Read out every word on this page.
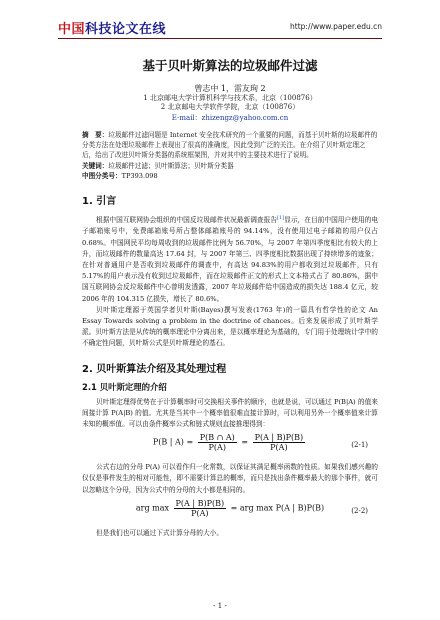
中国科技论文在线	http://www.paper.edu.cn
基于贝叶斯算法的垃圾邮件过滤
曾志中 1，雷友珣 2
1 北京邮电大学计算机科学与技术系，北京（100876）
2 北京邮电大学软件学院，北京（100876）
E-mail：zhizengz@yahoo.com.cn
摘　要：垃圾邮件过滤问题是 Internet 安全技术研究的一个重要的问题，而基于贝叶斯的垃圾邮件的分类方法在处理垃圾邮件上表现出了很高的准确度，因此受到广泛的关注。在介绍了贝叶斯定理之后，给出了改进贝叶斯分类器的系统框架图，并对其中的主要技术进行了说明。
关键词：垃圾邮件过滤；贝叶斯算法；贝叶斯分类器
中图分类号：TP393.098
1. 引言

根据中国互联网协会组织的中国反垃圾邮件状况最新调查报告[1]显示，在目前中国用户使用的电子邮箱账号中，免费邮箱账号所占整体邮箱账号的 94.14%，没有使用过电子邮箱的用户仅占 0.68%。中国网民平均每周收到的垃圾邮件比例为 56.70%，与 2007 年第四季度相比有较大的上升，而垃圾邮件的数量高达 17.64 封，与 2007 年第三、四季度相比数据出现了持续增多的迹象；在针对普通用户是否收到垃圾邮件的调查中，有高达 94.83%的用户都收到过垃圾邮件，只有 5.17%的用户表示没有收到过垃圾邮件，而在垃圾邮件正文的形式上文本格式占了 80.86%，据中国互联网协会反垃圾邮件中心曾明发透露，2007 年垃圾邮件给中国造成的损失达 188.4 亿元，较 2006 年的 104.315 亿损失，增长了 80.6%。

贝叶斯定理源于英国学者贝叶斯(Bayes)撰写发表(1763 年)的一篇具有哲学性的论文 An Essay Towards solving a problem in the doctrine of chances。后来发展形成了贝叶斯学派。贝叶斯方法是从传统的概率理论中分离出来，是以概率理论为基础的，专门用于处理统计学中的不确定性问题，贝叶斯公式是贝叶斯理论的基石。

2. 贝叶斯算法介绍及其处理过程
2.1 贝叶斯定理的介绍

贝叶斯定理得优势在于计算概率时可交换相关事件的顺序，也就是说，可以通过 P(B|A) 的值来间接计算 P(A|B) 的值。尤其是当其中一个概率值很难直接计算时，可以利用另外一个概率值来计算未知的概率值。可以由条件概率公式和链式规则直接推理得到：

P(B | $A) = \frac{P(B \cap A)}{P(A)} = \frac{P(A | B)P(B)}{P(A)}$	(2-1)

公式右边的分母 P(A) 可以看作归一化常数，以保证其满足概率函数的性质。如果我们感兴趣的仅仅是事件发生的相对可能性，即不需要计算总的概率，而只是找出条件概率最大的那个事件，就可以忽略这个分母，因为公式中的分母的大小都是相同的。

arg $\max \frac{P(A | B)P(B)}{P(A)}$ = arg max P(A | B)P(B)	(2-2)

但是我们也可以通过下式计算分母的大小。

- 1 -
